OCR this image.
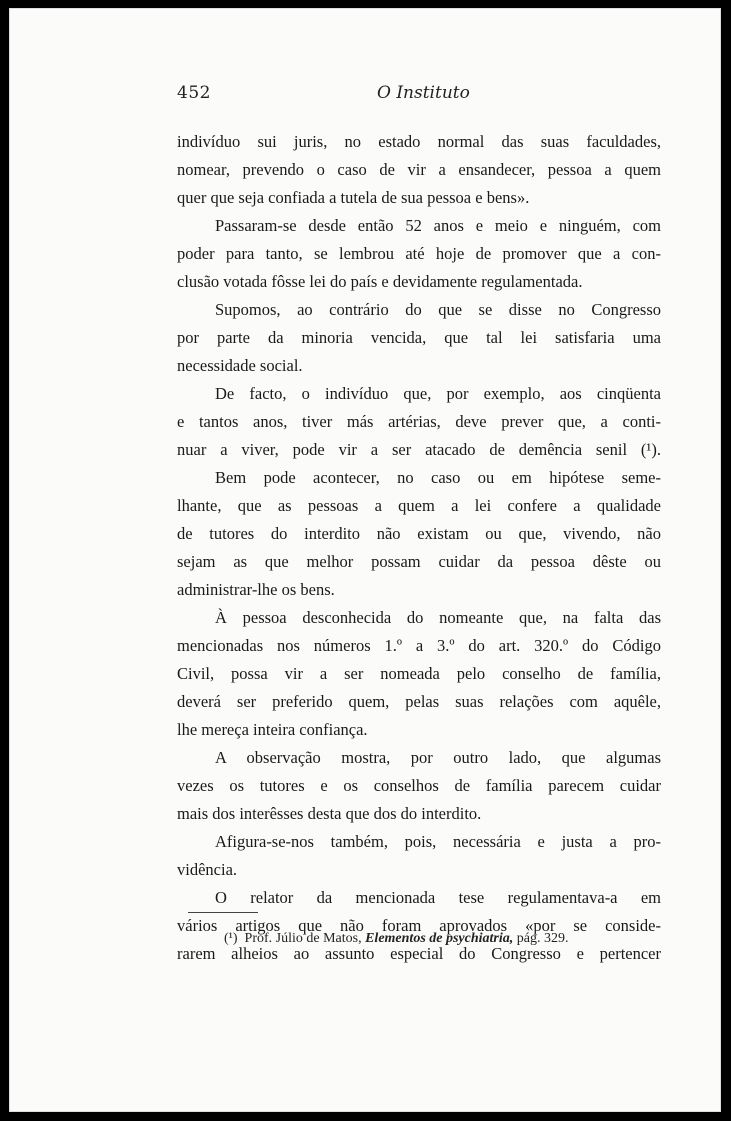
452	O Instituto
indivíduo sui juris, no estado normal das suas faculdades,
nomear, prevendo o caso de vir a ensandecer, pessoa a quem
quer que seja confiada a tutela de sua pessoa e bens».
Passaram-se desde então 52 anos e meio e ninguém, com
poder para tanto, se lembrou até hoje de promover que a con-
clusão votada fôsse lei do país e devidamente regulamentada.
Supomos, ao contrário do que se disse no Congresso
por parte da minoria vencida, que tal lei satisfaria uma
necessidade social.
De facto, o indivíduo que, por exemplo, aos cinqüenta
e tantos anos, tiver más artérias, deve prever que, a conti-
nuar a viver, pode vir a ser atacado de demência senil (¹).
Bem pode acontecer, no caso ou em hipótese seme-
lhante, que as pessoas a quem a lei confere a qualidade
de tutores do interdito não existam ou que, vivendo, não
sejam as que melhor possam cuidar da pessoa dêste ou
administrar-lhe os bens.
À pessoa desconhecida do nomeante que, na falta das
mencionadas nos números 1.º a 3.º do art. 320.º do Código
Civil, possa vir a ser nomeada pelo conselho de família,
deverá ser preferido quem, pelas suas relações com aquêle,
lhe mereça inteira confiança.
A observação mostra, por outro lado, que algumas
vezes os tutores e os conselhos de família parecem cuidar
mais dos interêsses desta que dos do interdito.
Afigura-se-nos também, pois, necessária e justa a pro-
vidência.
O relator da mencionada tese regulamentava-a em
vários artigos que não foram aprovados «por se conside-
rarem alheios ao assunto especial do Congresso e pertencer
(¹) Prof. Júlio de Matos, Elementos de psychiatria, pág. 329.
